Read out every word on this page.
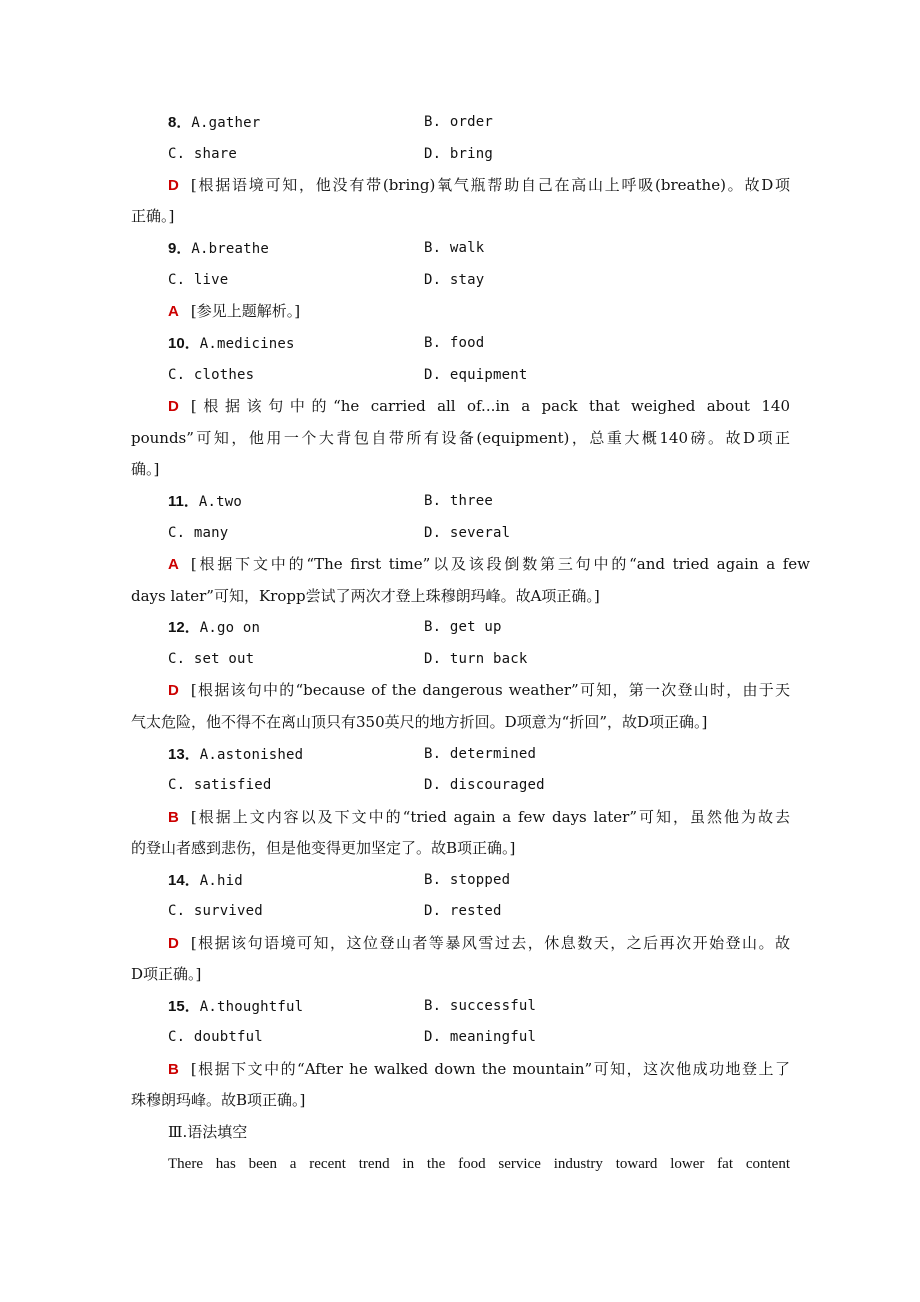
8．A.gather	B. order
C. share	D. bring
D [根据语境可知，他没有带(bring)氧气瓶帮助自己在高山上呼吸(breathe)。故D项
正确。]
9．A.breathe	B. walk
C. live	D. stay
A [参见上题解析。]
10．A.medicines	B. food
C. clothes	D. equipment
D [根据该句中的“he carried all of...in a pack that weighed about 140
pounds”可知，他用一个大背包自带所有设备(equipment)，总重大概140磅。故D项正
确。]
11．A.two	B. three
C. many	D. several
A [根据下文中的“The first time”以及该段倒数第三句中的“and tried again a few
days later”可知，Kropp尝试了两次才登上珠穆朗玛峰。故A项正确。]
12．A.go on	B. get up
C. set out	D. turn back
D [根据该句中的“because of the dangerous weather”可知，第一次登山时，由于天
气太危险，他不得不在离山顶只有350英尺的地方折回。D项意为“折回”，故D项正确。]
13．A.astonished	B. determined
C. satisfied	D. discouraged
B [根据上文内容以及下文中的“tried again a few days later”可知，虽然他为故去
的登山者感到悲伤，但是他变得更加坚定了。故B项正确。]
14．A.hid	B. stopped
C. survived	D. rested
D [根据该句语境可知，这位登山者等暴风雪过去，休息数天，之后再次开始登山。故
D项正确。]
15．A.thoughtful	B. successful
C. doubtful	D. meaningful
B [根据下文中的“After he walked down the mountain”可知，这次他成功地登上了
珠穆朗玛峰。故B项正确。]
Ⅲ.语法填空
There has been a recent trend in the food service industry toward lower fat content
